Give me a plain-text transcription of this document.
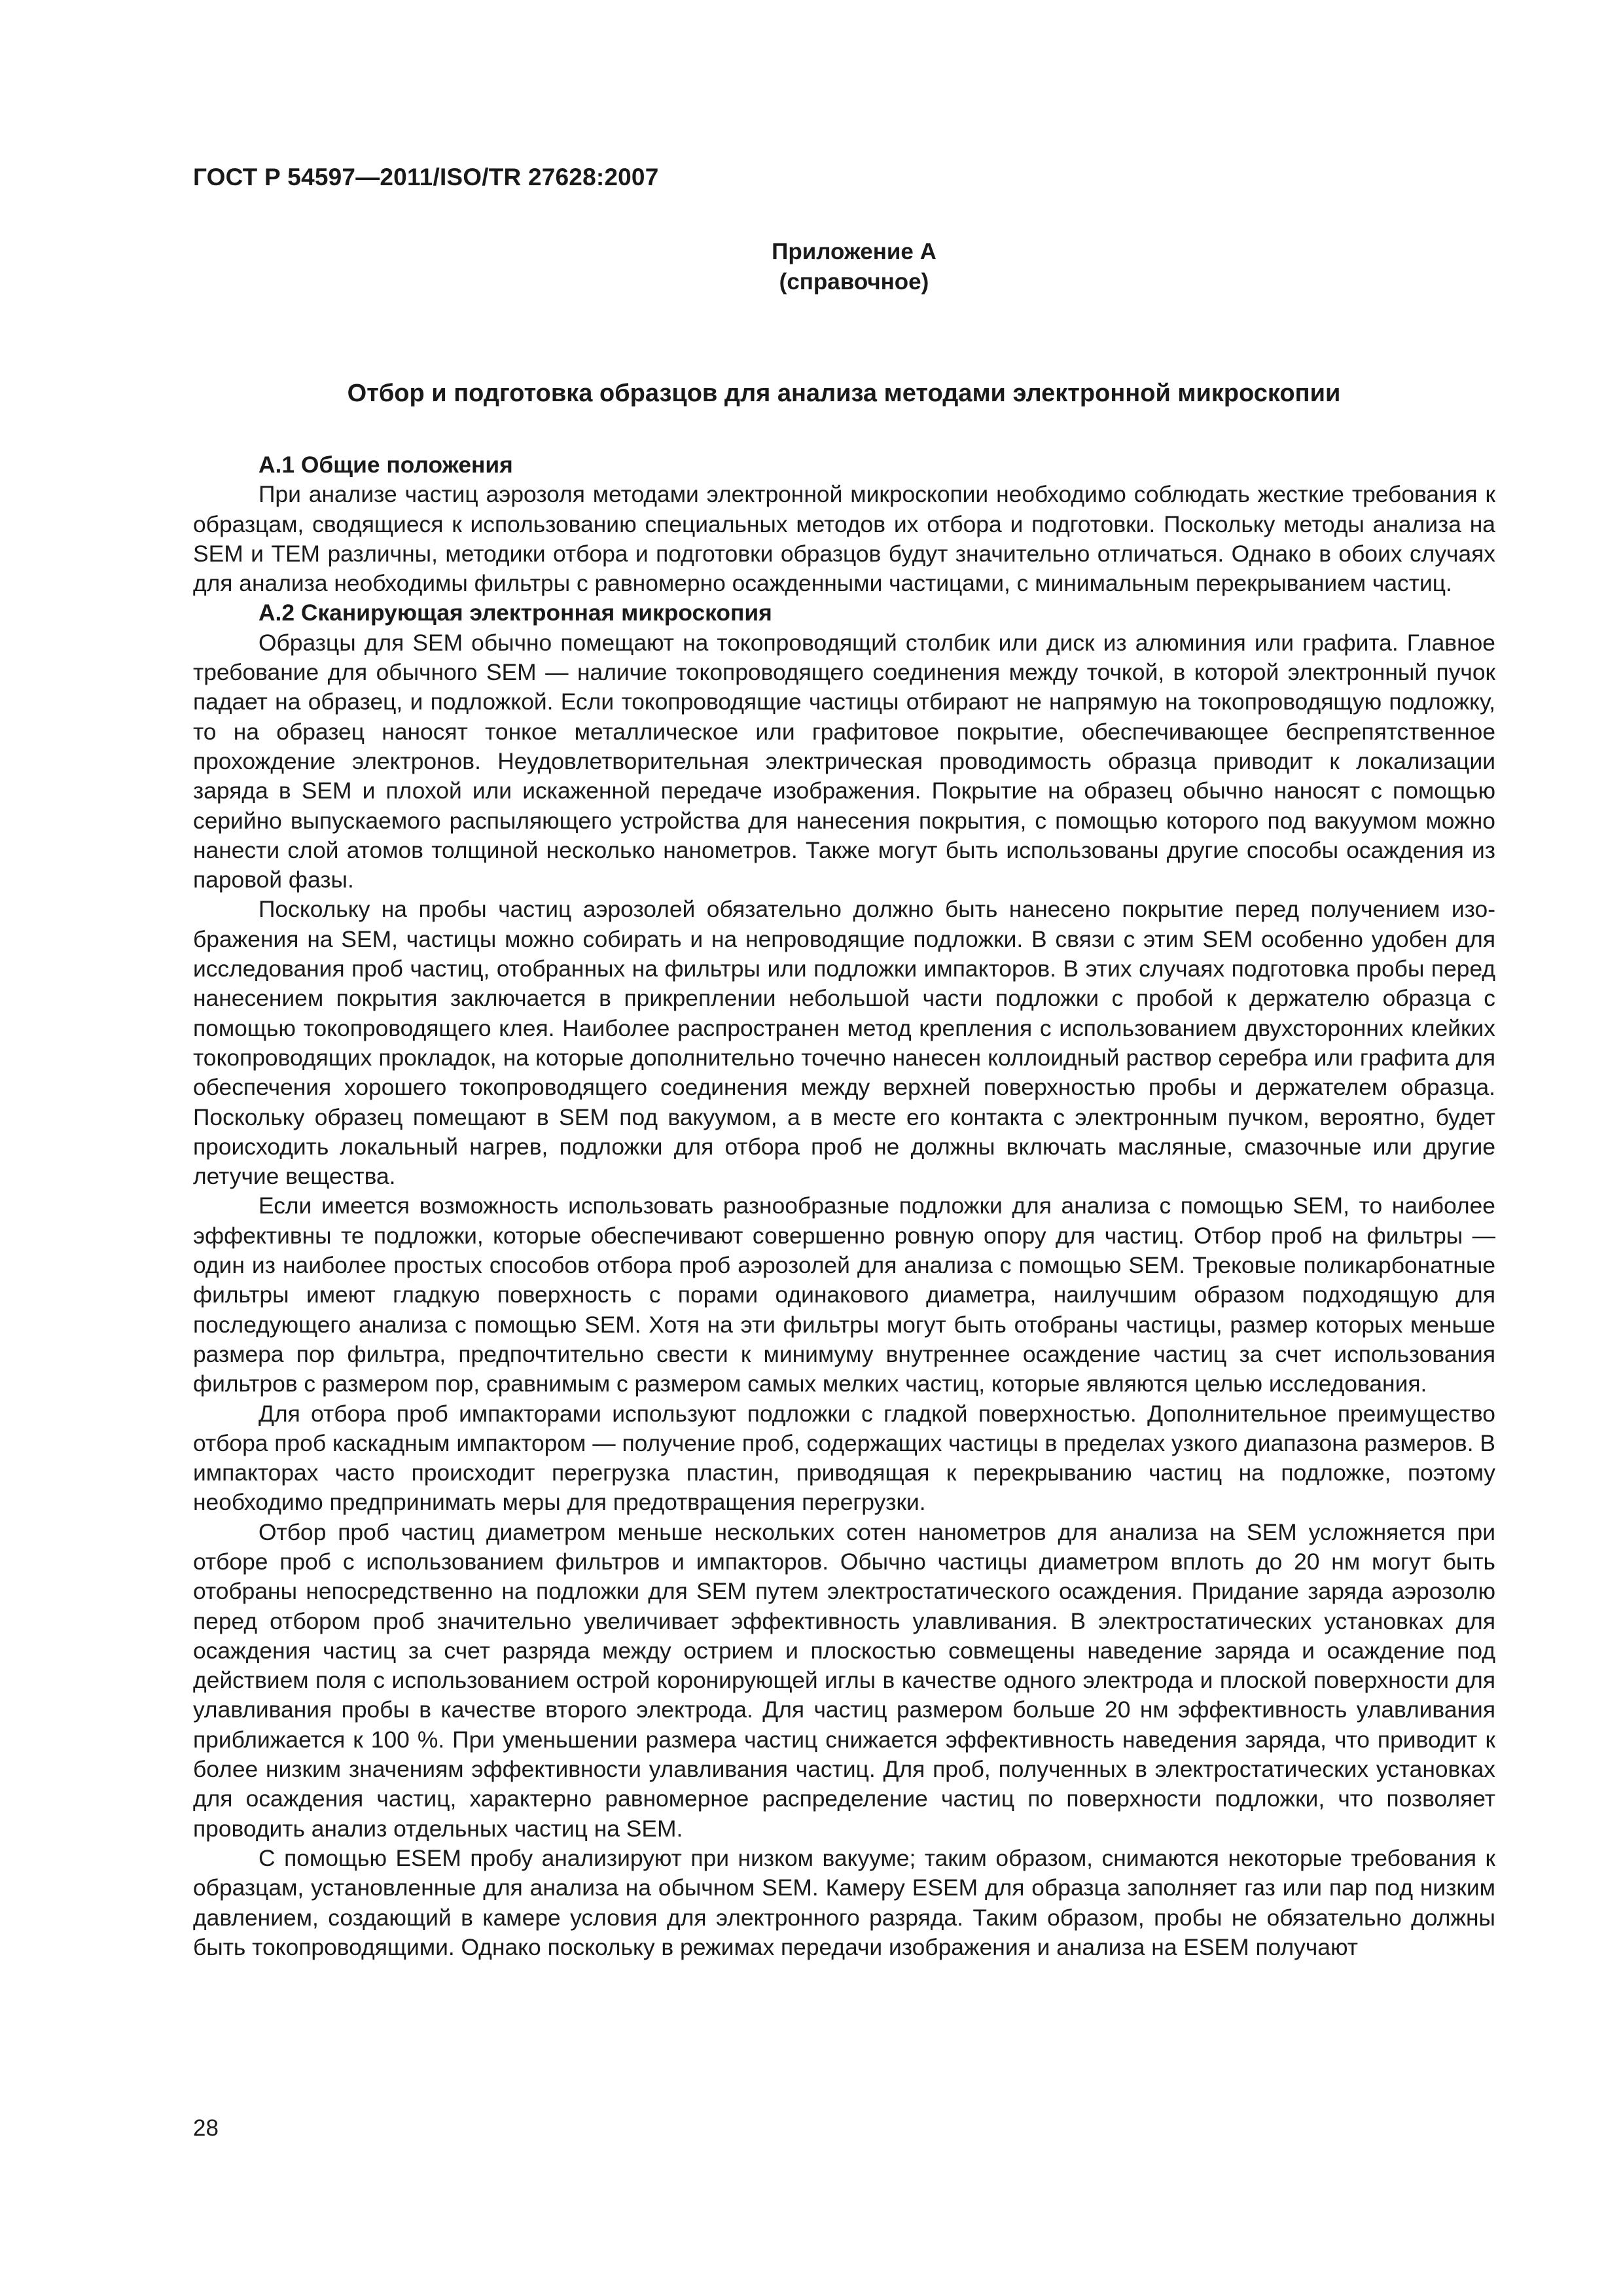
ГОСТ Р 54597—2011/ISO/TR 27628:2007
Приложение А
(справочное)
Отбор и подготовка образцов для анализа методами электронной микроскопии
А.1 Общие положения

При анализе частиц аэрозоля методами электронной микроскопии необходимо соблюдать жесткие требования к образцам, сводящиеся к использованию специальных методов их отбора и подготовки. Поскольку методы анализа на SEM и ТЕМ различны, методики отбора и подготовки образцов будут значительно отличаться. Однако в обоих случаях для анализа необходимы фильтры с равномерно осажденными частицами, с минимальным перекрыванием частиц.

А.2 Сканирующая электронная микроскопия

Образцы для SEM обычно помещают на токопроводящий столбик или диск из алюминия или графита. Главное требование для обычного SEM — наличие токопроводящего соединения между точкой, в которой электронный пучок падает на образец, и подложкой. Если токопроводящие частицы отбирают не напрямую на токопроводящую подложку, то на образец наносят тонкое металлическое или графитовое покрытие, обеспечивающее беспрепятственное прохождение электронов. Неудовлетворительная электрическая проводимость образца приводит к локализации заряда в SEM и плохой или искаженной передаче изображения. Покрытие на образец обычно наносят с помощью серийно выпускаемого распыляющего устройства для нанесения покрытия, с помощью которого под вакуумом можно нанести слой атомов толщиной несколько нанометров. Также могут быть использованы другие способы осаждения из паровой фазы.

Поскольку на пробы частиц аэрозолей обязательно должно быть нанесено покрытие перед получением изображения на SEM, частицы можно собирать и на непроводящие подложки. В связи с этим SEM особенно удобен для исследования проб частиц, отобранных на фильтры или подложки импакторов. В этих случаях подготовка пробы перед нанесением покрытия заключается в прикреплении небольшой части подложки с пробой к держателю образца с помощью токопроводящего клея. Наиболее распространен метод крепления с использованием двухсторонних клейких токопроводящих прокладок, на которые дополнительно точечно нанесен коллоидный раствор серебра или графита для обеспечения хорошего токопроводящего соединения между верхней поверхностью пробы и держателем образца. Поскольку образец помещают в SEM под вакуумом, а в месте его контакта с электронным пучком, вероятно, будет происходить локальный нагрев, подложки для отбора проб не должны включать масляные, смазочные или другие летучие вещества.

Если имеется возможность использовать разнообразные подложки для анализа с помощью SEM, то наиболее эффективны те подложки, которые обеспечивают совершенно ровную опору для частиц. Отбор проб на фильтры — один из наиболее простых способов отбора проб аэрозолей для анализа с помощью SEM. Трековые поликарбонатные фильтры имеют гладкую поверхность с порами одинакового диаметра, наилучшим образом подходящую для последующего анализа с помощью SEM. Хотя на эти фильтры могут быть отобраны частицы, размер которых меньше размера пор фильтра, предпочтительно свести к минимуму внутреннее осаждение частиц за счет использования фильтров с размером пор, сравнимым с размером самых мелких частиц, которые являются целью исследования.

Для отбора проб импакторами используют подложки с гладкой поверхностью. Дополнительное преимущество отбора проб каскадным импактором — получение проб, содержащих частицы в пределах узкого диапазона размеров. В импакторах часто происходит перегрузка пластин, приводящая к перекрыванию частиц на подложке, поэтому необходимо предпринимать меры для предотвращения перегрузки.

Отбор проб частиц диаметром меньше нескольких сотен нанометров для анализа на SEM усложняется при отборе проб с использованием фильтров и импакторов. Обычно частицы диаметром вплоть до 20 нм могут быть отобраны непосредственно на подложки для SEM путем электростатического осаждения. Придание заряда аэрозолю перед отбором проб значительно увеличивает эффективность улавливания. В электростатических установках для осаждения частиц за счет разряда между острием и плоскостью совмещены наведение заряда и осаждение под действием поля с использованием острой коронирующей иглы в качестве одного электрода и плоской поверхности для улавливания пробы в качестве второго электрода. Для частиц размером больше 20 нм эффективность улавливания приближается к 100 %. При уменьшении размера частиц снижается эффективность наведения заряда, что приводит к более низким значениям эффективности улавливания частиц. Для проб, полученных в электростатических установках для осаждения частиц, характерно равномерное распределение частиц по поверхности подложки, что позволяет проводить анализ отдельных частиц на SEM.

С помощью ESEM пробу анализируют при низком вакууме; таким образом, снимаются некоторые требования к образцам, установленные для анализа на обычном SEM. Камеру ESEM для образца заполняет газ или пар под низким давлением, создающий в камере условия для электронного разряда. Таким образом, пробы не обязательно должны быть токопроводящими. Однако поскольку в режимах передачи изображения и анализа на ESEM получают

28
